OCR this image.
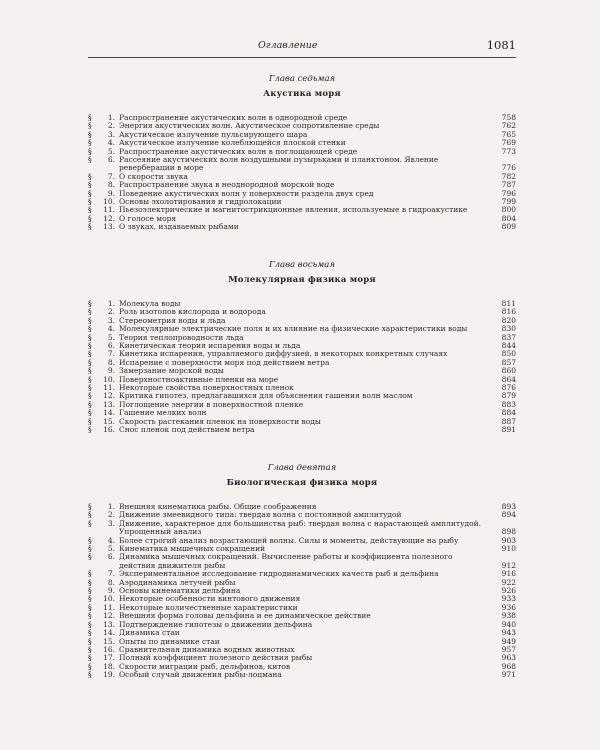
Оглавление	1081
Глава седьмая
Акустика моря
§	1. Распространение акустических волн в однородной среде	758
§	2. Энергия акустических волн. Акустическое сопротивление среды	762
§	3. Акустическое излучение пульсирующего шара	765
§	4. Акустическое излучение колеблющейся плоской стенки	769
§	5. Распространение акустических волн в поглощающей среде	773
§	6. Рассеяние акустических волн воздушными пузырьками и планктоном. Явление реверберации в море	776
§	7. О скорости звука	782
§	8. Распространение звука в неоднородной морской воде	787
§	9. Поведение акустических волн у поверхности раздела двух сред	796
§	10. Основы эхолотирования и гидролокации	799
§	11. Пьезоэлектрические и магнитострикционные явления, используемые в гидроакустике	800
§	12. О голосе моря	804
§	13. О звуках, издаваемых рыбами	809
Глава восьмая
Молекулярная физика моря
§	1. Молекула воды	811
§	2. Роль изотопов кислорода и водорода	816
§	3. Стереометрия воды и льда	820
§	4. Молекулярные электрические поля и их влияние на физические характеристики воды	830
§	5. Теория теплопроводности льда	837
§	6. Кинетическая теория испарения воды и льда	844
§	7. Кинетика испарения, управляемого диффузией, в некоторых конкретных случаях	850
§	8. Испарение с поверхности моря под действием ветра	857
§	9. Замерзание морской воды	860
§	10. Поверхностноактивные пленки на море	864
§	11. Некоторые свойства поверхностных пленок	876
§	12. Критика гипотез, предлагавшихся для объяснения гашения волн маслом	879
§	13. Поглощение энергии в поверхностной пленке	883
§	14. Гашение мелких волн	884
§	15. Скорость растекания пленок на поверхности воды	887
§	16. Снос пленок под действием ветра	891
Глава девятая
Биологическая физика моря
§	1. Внешняя кинематика рыбы. Общие соображения	893
§	2. Движение змеевидного типа: твердая волна с постоянной амплитудой	894
§	3. Движение, характерное для большинства рыб: твердая волна с нарастающей амплитудой. Упрощенный анализ	898
§	4. Более строгий анализ возрастающей волны. Силы и моменты, действующие на рыбу	903
§	5. Кинематика мышечных сокращений	910
§	6. Динамика мышечных сокращений. Вычисление работы и коэффициента полезного действия движителя рыбы	912
§	7. Экспериментальное исследование гидродинамических качеств рыб и дельфина	916
§	8. Аэродинамика летучей рыбы	922
§	9. Основы кинематики дельфина	926
§	10. Некоторые особенности винтового движения	933
§	11. Некоторые количественные характеристики	936
§	12. Внешняя форма головы дельфина и ее динамическое действие	938
§	13. Подтверждение гипотезы о движении дельфина	940
§	14. Динамика стаи	943
§	15. Опыты по динамике стаи	949
§	16. Сравнительная динамика водных животных	957
§	17. Полный коэффициент полезного действия рыбы	963
§	18. Скорости миграции рыб, дельфинов, китов	968
§	19. Особый случай движения рыбы-лоцмана	971
